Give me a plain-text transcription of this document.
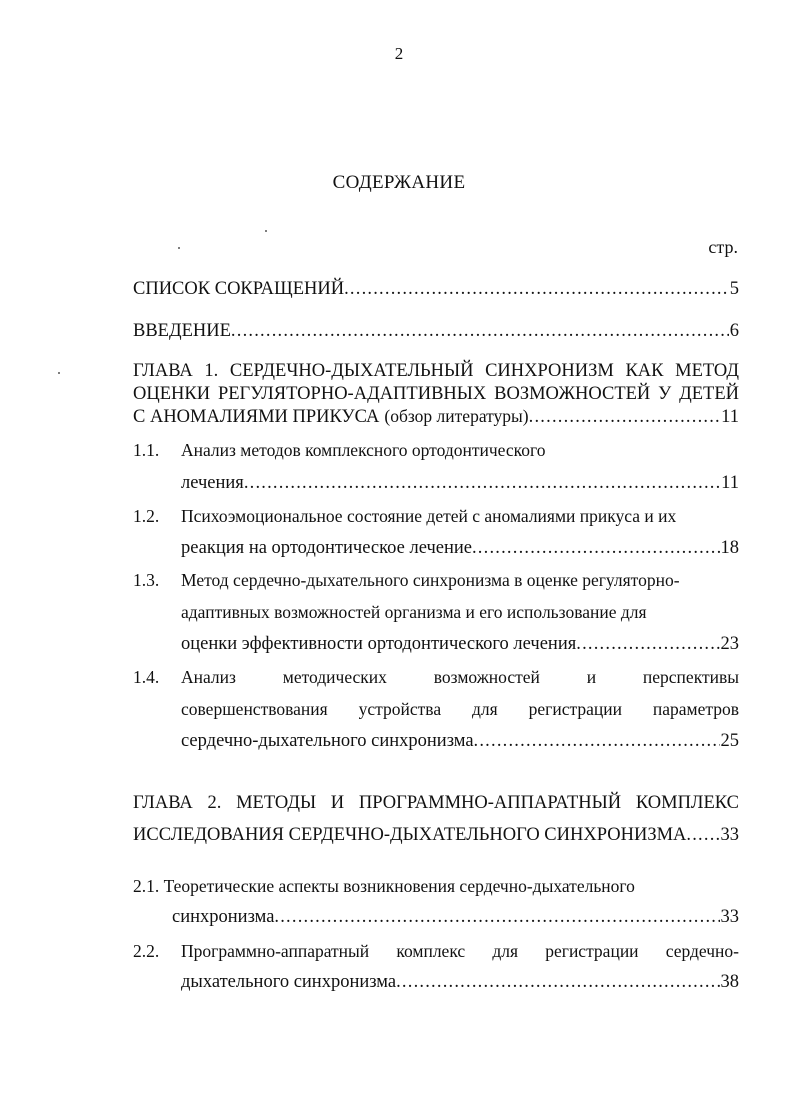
2
СОДЕРЖАНИЕ
стр.
СПИСОК СОКРАЩЕНИЙ .....	5
ВВЕДЕНИЕ .....	6
ГЛАВА 1. СЕРДЕЧНО-ДЫХАТЕЛЬНЫЙ СИНХРОНИЗМ КАК МЕТОД
ОЦЕНКИ РЕГУЛЯТОРНО-АДАПТИВНЫХ ВОЗМОЖНОСТЕЙ У ДЕТЕЙ
С АНОМАЛИЯМИ ПРИКУСА (обзор литературы) .....	11
1.1. Анализ методов комплексного ортодонтического
лечения .....	11
1.2. Психоэмоциональное состояние детей с аномалиями прикуса и их
реакция на ортодонтическое лечение .....	18
1.3. Метод сердечно-дыхательного синхронизма в оценке регуляторно-
адаптивных возможностей организма и его использование для
оценки эффективности ортодонтического лечения .....	23
1.4. Анализ методических возможностей и перспективы
совершенствования устройства для регистрации параметров
сердечно-дыхательного синхронизма .....	25
ГЛАВА 2. МЕТОДЫ И ПРОГРАММНО-АППАРАТНЫЙ КОМПЛЕКС
ИССЛЕДОВАНИЯ СЕРДЕЧНО-ДЫХАТЕЛЬНОГО СИНХРОНИЗМА ..... 33
2.1. Теоретические аспекты возникновения сердечно-дыхательного
синхронизма .....	33
2.2. Программно-аппаратный комплекс для регистрации сердечно-
дыхательного синхронизма .....	38
